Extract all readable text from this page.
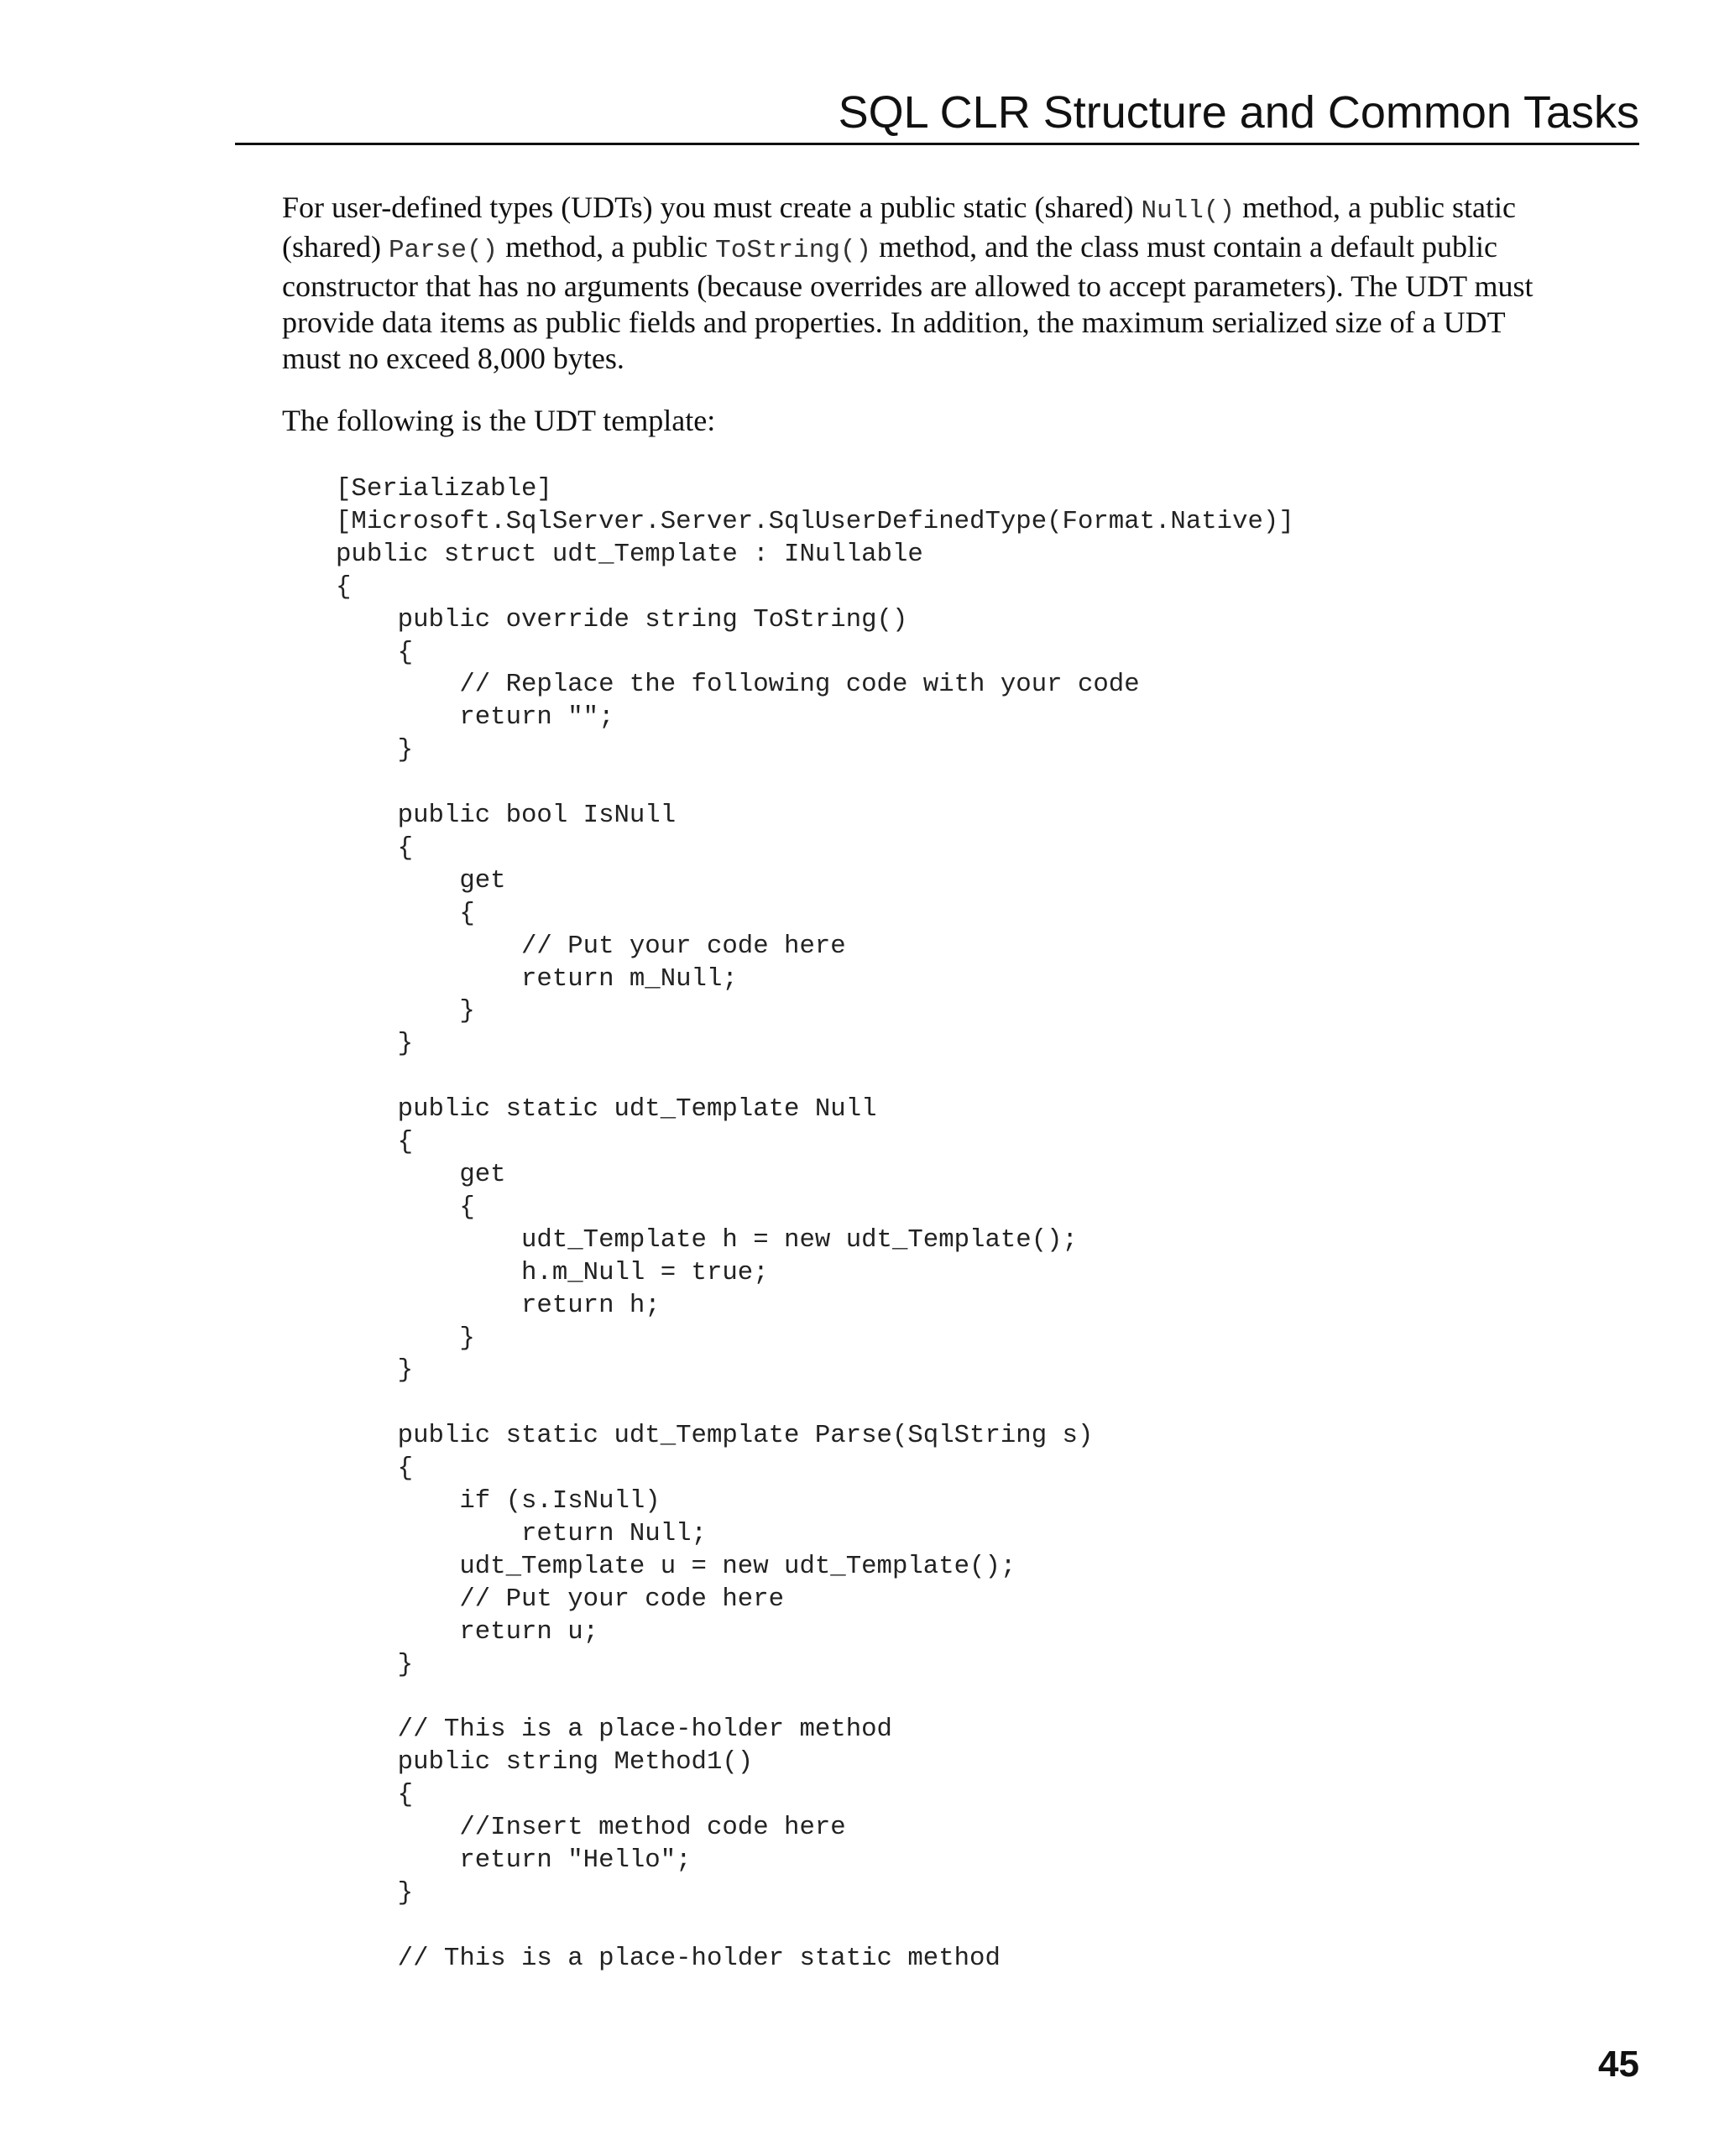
SQL CLR Structure and Common Tasks
For user-defined types (UDTs) you must create a public static (shared) Null() method, a public static
(shared) Parse() method, a public ToString() method, and the class must contain a default public
constructor that has no arguments (because overrides are allowed to accept parameters). The UDT must
provide data items as public fields and properties. In addition, the maximum serialized size of a UDT
must no exceed 8,000 bytes.
The following is the UDT template:
[Serializable]
[Microsoft.SqlServer.Server.SqlUserDefinedType(Format.Native)]
public struct udt_Template : INullable
{
public override string ToString()
{
// Replace the following code with your code
return "";
}
public bool IsNull
{
get
{
// Put your code here
return m_Null;
}
}
public static udt_Template Null
{
get
{
udt_Template h = new udt_Template();
h.m_Null = true;
return h;
}
}
public static udt_Template Parse(SqlString s)
{
if (s.IsNull)
return Null;
udt_Template u = new udt_Template();
// Put your code here
return u;
}
// This is a place-holder method
public string Method1()
{
//Insert method code here
return "Hello";
}
// This is a place-holder static method
45
